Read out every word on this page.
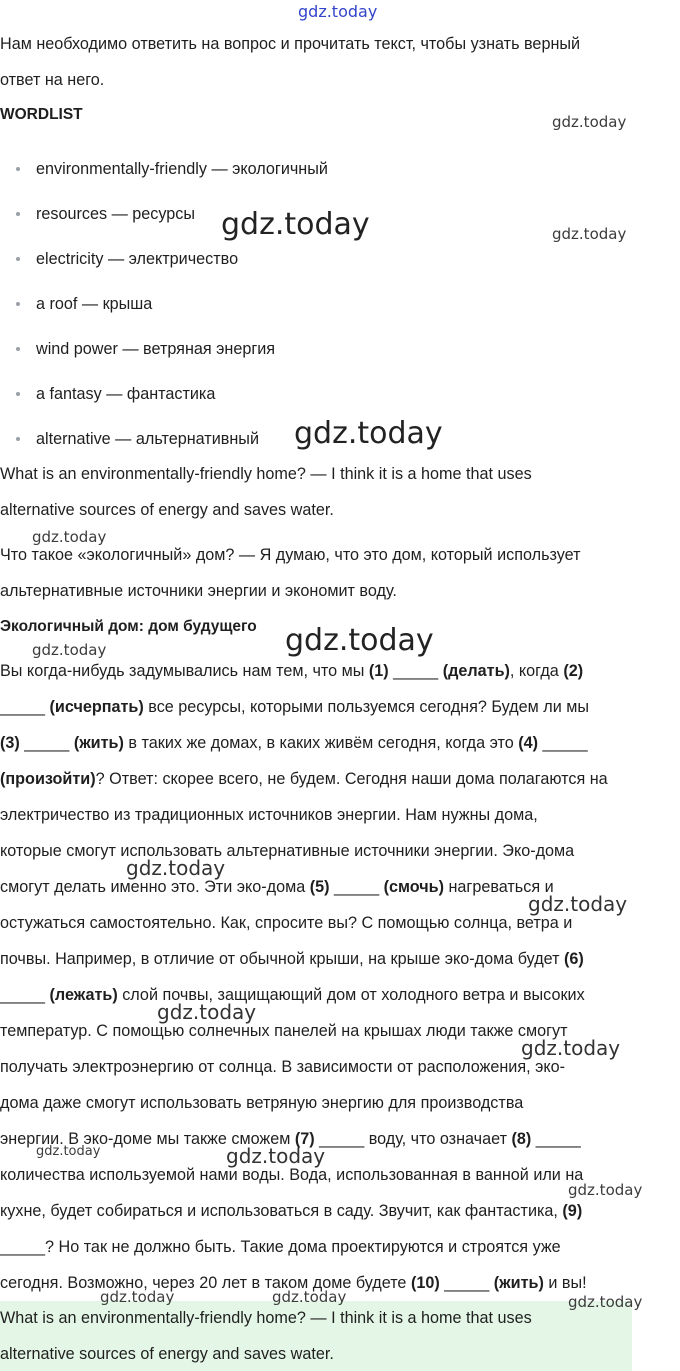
gdz.today
gdz.today
gdz.today
gdz.today
gdz.today
gdz.today
gdz.today
gdz.today
gdz.today
gdz.today
gdz.today
gdz.today
gdz.today	gdz.today
gdz.today
gdz.today	gdz.today	gdz.today
Нам необходимо ответить на вопрос и прочитать текст, чтобы узнать верный
ответ на него.
WORDLIST
environmentally-friendly — экологичный
resources — ресурсы
electricity — электричество
a roof — крыша
wind power — ветряная энергия
a fantasy — фантастика
alternative — альтернативный
What is an environmentally-friendly home? — I think it is a home that uses
alternative sources of energy and saves water.
Что такое «экологичный» дом? — Я думаю, что это дом, который использует
альтернативные источники энергии и экономит воду.
Экологичный дом: дом будущего
Вы когда-нибудь задумывались нам тем, что мы (1) _____ (делать), когда (2)
_____ (исчерпать) все ресурсы, которыми пользуемся сегодня? Будем ли мы
(3) _____ (жить) в таких же домах, в каких живём сегодня, когда это (4) _____
(произойти)? Ответ: скорее всего, не будем. Сегодня наши дома полагаются на
электричество из традиционных источников энергии. Нам нужны дома,
которые смогут использовать альтернативные источники энергии. Эко-дома
смогут делать именно это. Эти эко-дома (5) _____ (смочь) нагреваться и
остужаться самостоятельно. Как, спросите вы? С помощью солнца, ветра и
почвы. Например, в отличие от обычной крыши, на крыше эко-дома будет (6)
_____ (лежать) слой почвы, защищающий дом от холодного ветра и высоких
температур. С помощью солнечных панелей на крышах люди также смогут
получать электроэнергию от солнца. В зависимости от расположения, эко-
дома даже смогут использовать ветряную энергию для производства
энергии. В эко-доме мы также сможем (7) _____ воду, что означает (8) _____
количества используемой нами воды. Вода, использованная в ванной или на
кухне, будет собираться и использоваться в саду. Звучит, как фантастика, (9)
_____? Но так не должно быть. Такие дома проектируются и строятся уже
сегодня. Возможно, через 20 лет в таком доме будете (10) _____ (жить) и вы!
What is an environmentally-friendly home? — I think it is a home that uses
alternative sources of energy and saves water.
